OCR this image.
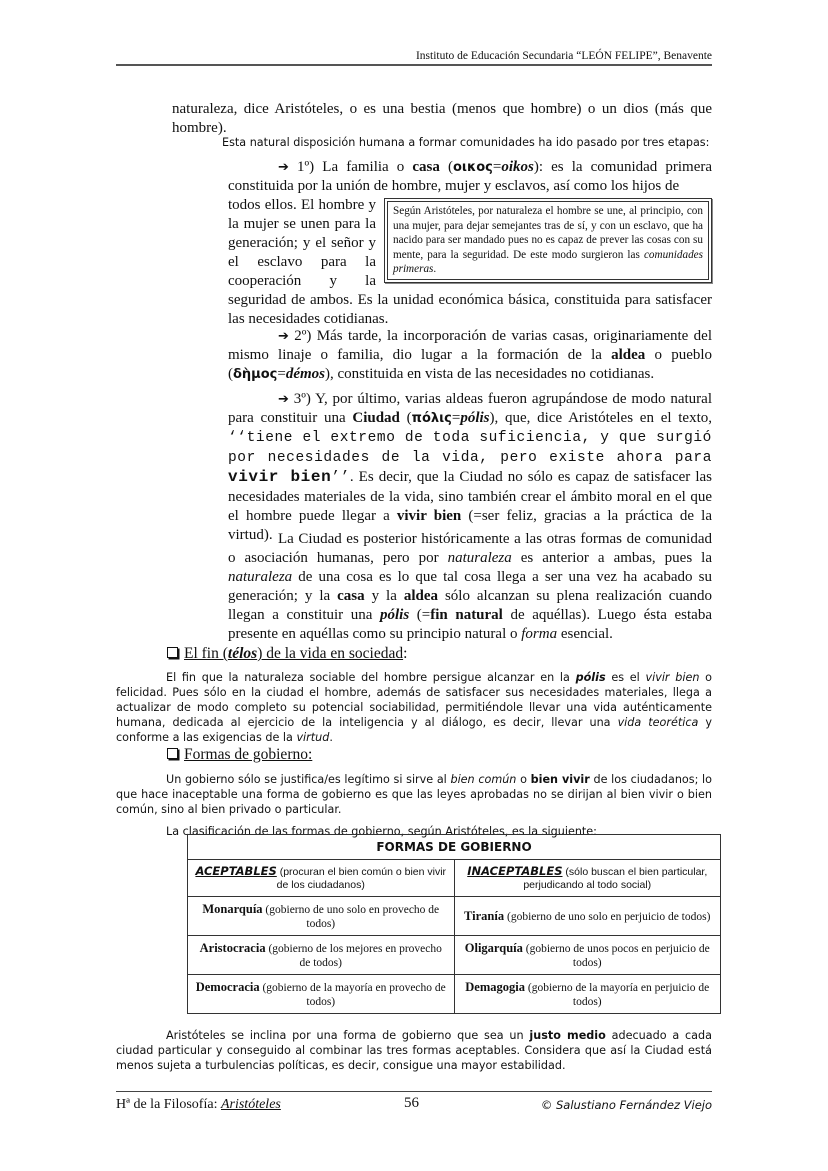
Instituto de Educación Secundaria “LEÓN FELIPE”, Benavente

naturaleza, dice Aristóteles, o es una bestia (menos que hombre) o un dios (más que hombre).

Esta natural disposición humana a formar comunidades ha ido pasado por tres etapas:

➔ 1º) La familia o casa (οικος=oikos): es la comunidad primera constituida por la unión de hombre, mujer y esclavos, así como los hijos de

Según Aristóteles, por naturaleza el hombre se une, al principio, con una mujer, para dejar semejantes tras de sí, y con un esclavo, que ha nacido para ser mandado pues no es capaz de prever las cosas con su mente, para la seguridad. De este modo surgieron las comunidades primeras.

todos ellos. El hombre y la mujer se unen para la generación; y el señor y el esclavo para la cooperación y la seguridad de ambos. Es la unidad económica básica, constituida para satisfacer las necesidades cotidianas.

➔ 2º) Más tarde, la incorporación de varias casas, originariamente del mismo linaje o familia, dio lugar a la formación de la aldea o pueblo (δὴμος=démos), constituida en vista de las necesidades no cotidianas.

➔ 3º) Y, por último, varias aldeas fueron agrupándose de modo natural para constituir una Ciudad (πόλις=pólis), que, dice Aristóteles en el texto, ‘‘tiene el extremo de toda suficiencia, y que surgió por necesidades de la vida, pero existe ahora para vivir bien’’. Es decir, que la Ciudad no sólo es capaz de satisfacer las necesidades materiales de la vida, sino también crear el ámbito moral en el que el hombre puede llegar a vivir bien (=ser feliz, gracias a la práctica de la virtud). La Ciudad es posterior históricamente a las otras formas de comunidad o asociación humanas, pero por naturaleza es anterior a ambas, pues la naturaleza de una cosa es lo que tal cosa llega a ser una vez ha acabado su generación; y la casa y la aldea sólo alcanzan su plena realización cuando llegan a constituir una pólis (=fin natural de aquéllas). Luego ésta estaba presente en aquéllas como su principio natural o forma esencial.

El fin (télos) de la vida en sociedad:

El fin que la naturaleza sociable del hombre persigue alcanzar en la pólis es el vivir bien o felicidad. Pues sólo en la ciudad el hombre, además de satisfacer sus necesidades materiales, llega a actualizar de modo completo su potencial sociabilidad, permitiéndole llevar una vida auténticamente humana, dedicada al ejercicio de la inteligencia y al diálogo, es decir, llevar una vida teorética y conforme a las exigencias de la virtud.

Formas de gobierno:

Un gobierno sólo se justifica/es legítimo si sirve al bien común o bien vivir de los ciudadanos; lo que hace inaceptable una forma de gobierno es que las leyes aprobadas no se dirijan al bien vivir o bien común, sino al bien privado o particular.

La clasificación de las formas de gobierno, según Aristóteles, es la siguiente:

FORMAS DE GOBIERNO	
ACEPTABLES (procuran el bien común o bien vivir de los ciudadanos)	INACEPTABLES (sólo buscan el bien particular, perjudicando al todo social)
Monarquía (gobierno de uno solo en provecho de todos)	Tiranía (gobierno de uno solo en perjuicio de todos)
Aristocracia (gobierno de los mejores en provecho de todos)	Oligarquía (gobierno de unos pocos en perjuicio de todos)
Democracia (gobierno de la mayoría en provecho de todos)	Demagogia (gobierno de la mayoría en perjuicio de todos)

Aristóteles se inclina por una forma de gobierno que sea un justo medio adecuado a cada ciudad particular y conseguido al combinar las tres formas aceptables. Considera que así la Ciudad está menos sujeta a turbulencias políticas, es decir, consigue una mayor estabilidad.

Hª de la Filosofía: Aristóteles	56	© Salustiano Fernández Viejo
